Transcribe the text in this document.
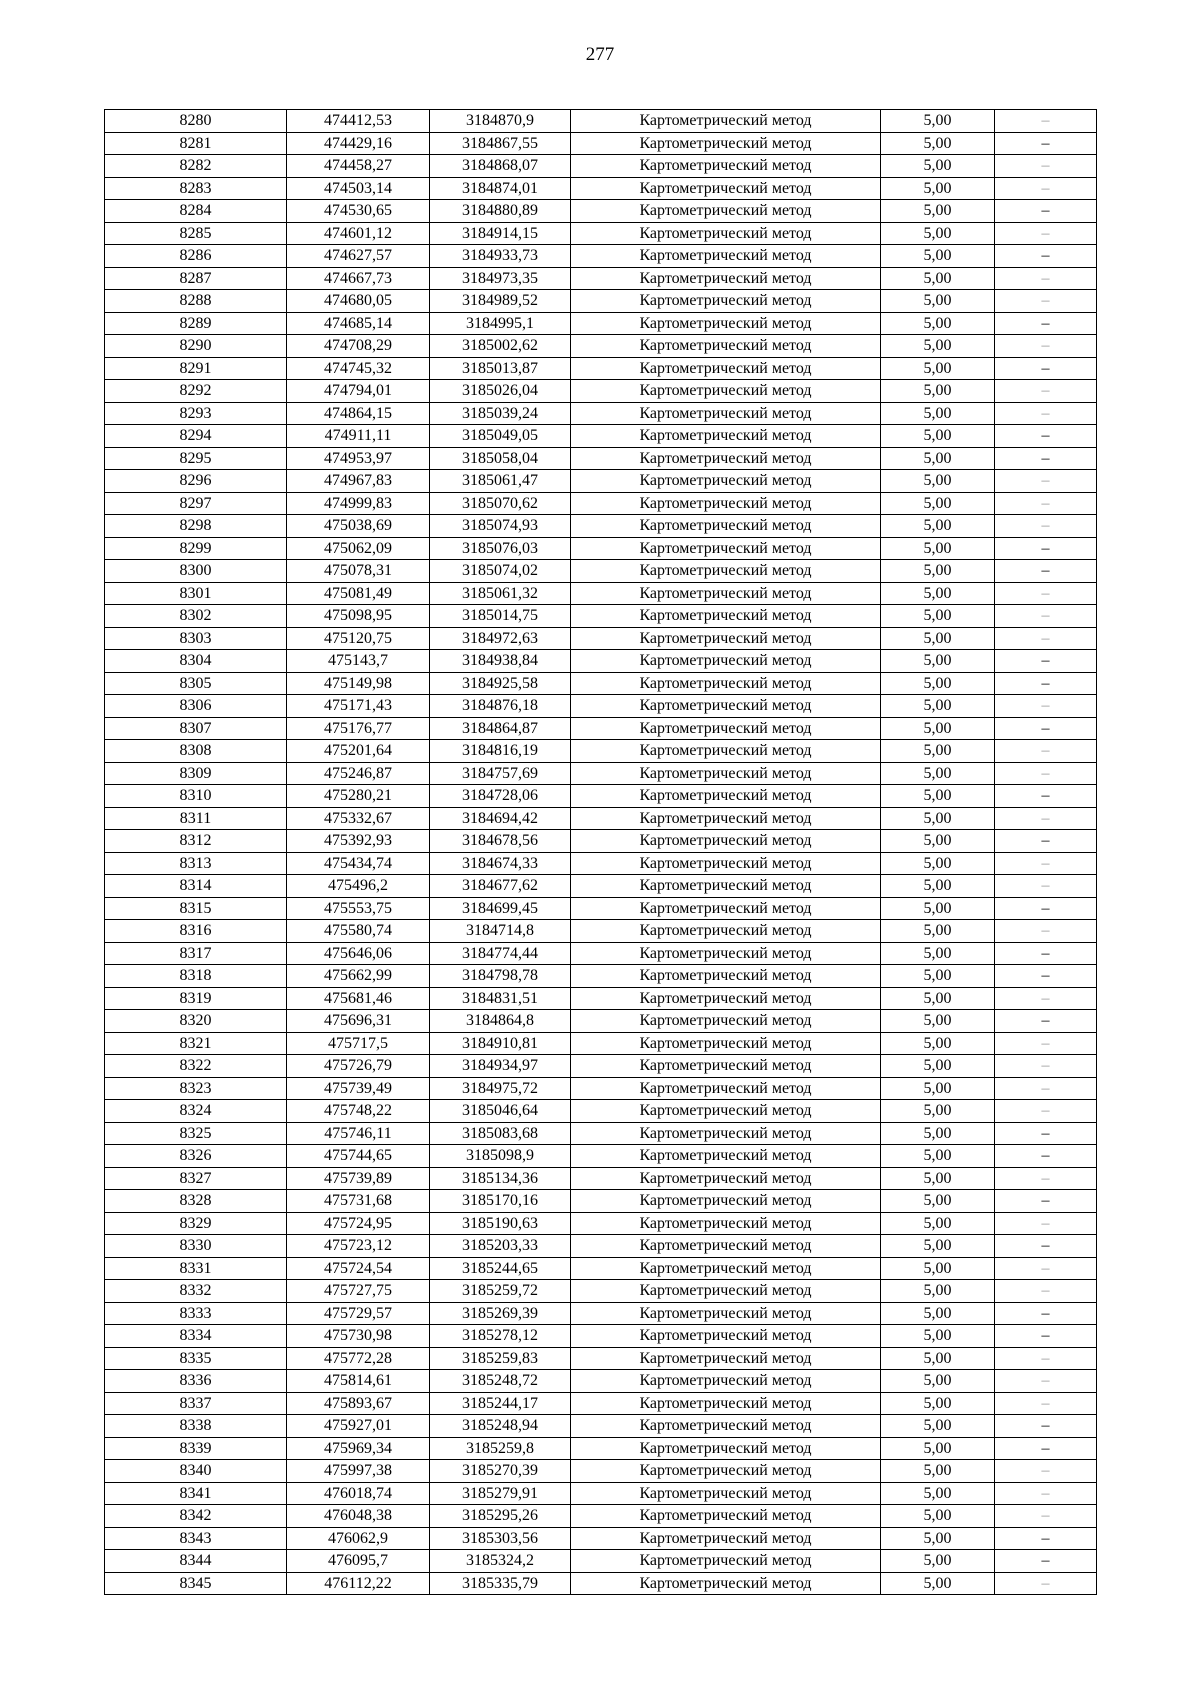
277
8280	474412,53	3184870,9	Картометрический метод	5,00	–
8281	474429,16	3184867,55	Картометрический метод	5,00	–
8282	474458,27	3184868,07	Картометрический метод	5,00	–
8283	474503,14	3184874,01	Картометрический метод	5,00	–
8284	474530,65	3184880,89	Картометрический метод	5,00	–
8285	474601,12	3184914,15	Картометрический метод	5,00	–
8286	474627,57	3184933,73	Картометрический метод	5,00	–
8287	474667,73	3184973,35	Картометрический метод	5,00	–
8288	474680,05	3184989,52	Картометрический метод	5,00	–
8289	474685,14	3184995,1	Картометрический метод	5,00	–
8290	474708,29	3185002,62	Картометрический метод	5,00	–
8291	474745,32	3185013,87	Картометрический метод	5,00	–
8292	474794,01	3185026,04	Картометрический метод	5,00	–
8293	474864,15	3185039,24	Картометрический метод	5,00	–
8294	474911,11	3185049,05	Картометрический метод	5,00	–
8295	474953,97	3185058,04	Картометрический метод	5,00	–
8296	474967,83	3185061,47	Картометрический метод	5,00	–
8297	474999,83	3185070,62	Картометрический метод	5,00	–
8298	475038,69	3185074,93	Картометрический метод	5,00	–
8299	475062,09	3185076,03	Картометрический метод	5,00	–
8300	475078,31	3185074,02	Картометрический метод	5,00	–
8301	475081,49	3185061,32	Картометрический метод	5,00	–
8302	475098,95	3185014,75	Картометрический метод	5,00	–
8303	475120,75	3184972,63	Картометрический метод	5,00	–
8304	475143,7	3184938,84	Картометрический метод	5,00	–
8305	475149,98	3184925,58	Картометрический метод	5,00	–
8306	475171,43	3184876,18	Картометрический метод	5,00	–
8307	475176,77	3184864,87	Картометрический метод	5,00	–
8308	475201,64	3184816,19	Картометрический метод	5,00	–
8309	475246,87	3184757,69	Картометрический метод	5,00	–
8310	475280,21	3184728,06	Картометрический метод	5,00	–
8311	475332,67	3184694,42	Картометрический метод	5,00	–
8312	475392,93	3184678,56	Картометрический метод	5,00	–
8313	475434,74	3184674,33	Картометрический метод	5,00	–
8314	475496,2	3184677,62	Картометрический метод	5,00	–
8315	475553,75	3184699,45	Картометрический метод	5,00	–
8316	475580,74	3184714,8	Картометрический метод	5,00	–
8317	475646,06	3184774,44	Картометрический метод	5,00	–
8318	475662,99	3184798,78	Картометрический метод	5,00	–
8319	475681,46	3184831,51	Картометрический метод	5,00	–
8320	475696,31	3184864,8	Картометрический метод	5,00	–
8321	475717,5	3184910,81	Картометрический метод	5,00	–
8322	475726,79	3184934,97	Картометрический метод	5,00	–
8323	475739,49	3184975,72	Картометрический метод	5,00	–
8324	475748,22	3185046,64	Картометрический метод	5,00	–
8325	475746,11	3185083,68	Картометрический метод	5,00	–
8326	475744,65	3185098,9	Картометрический метод	5,00	–
8327	475739,89	3185134,36	Картометрический метод	5,00	–
8328	475731,68	3185170,16	Картометрический метод	5,00	–
8329	475724,95	3185190,63	Картометрический метод	5,00	–
8330	475723,12	3185203,33	Картометрический метод	5,00	–
8331	475724,54	3185244,65	Картометрический метод	5,00	–
8332	475727,75	3185259,72	Картометрический метод	5,00	–
8333	475729,57	3185269,39	Картометрический метод	5,00	–
8334	475730,98	3185278,12	Картометрический метод	5,00	–
8335	475772,28	3185259,83	Картометрический метод	5,00	–
8336	475814,61	3185248,72	Картометрический метод	5,00	–
8337	475893,67	3185244,17	Картометрический метод	5,00	–
8338	475927,01	3185248,94	Картометрический метод	5,00	–
8339	475969,34	3185259,8	Картометрический метод	5,00	–
8340	475997,38	3185270,39	Картометрический метод	5,00	–
8341	476018,74	3185279,91	Картометрический метод	5,00	–
8342	476048,38	3185295,26	Картометрический метод	5,00	–
8343	476062,9	3185303,56	Картометрический метод	5,00	–
8344	476095,7	3185324,2	Картометрический метод	5,00	–
8345	476112,22	3185335,79	Картометрический метод	5,00	–
